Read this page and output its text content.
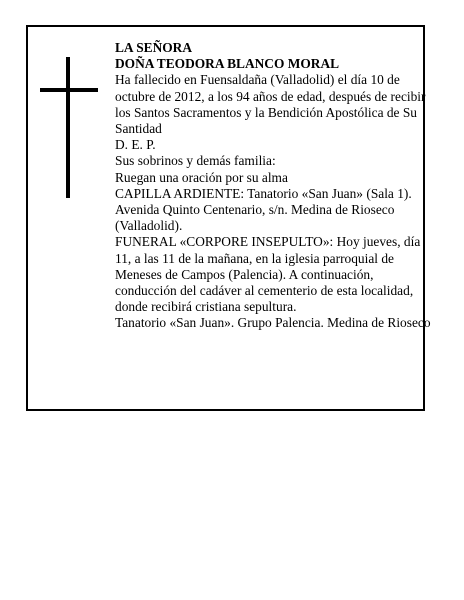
LA SEÑORA

DOÑA TEODORA BLANCO MORAL

Ha fallecido en Fuensaldaña (Valladolid) el día 10 de octubre de 2012, a los 94 años de edad, después de recibir los Santos Sacramentos y la Bendición Apostólica de Su Santidad

D. E. P.

Sus sobrinos y demás familia:

Ruegan una oración por su alma

CAPILLA ARDIENTE: Tanatorio «San Juan» (Sala 1). Avenida Quinto Centenario, s/n. Medina de Rioseco (Valladolid).

FUNERAL «CORPORE INSEPULTO»: Hoy jueves, día 11, a las 11 de la mañana, en la iglesia parroquial de Meneses de Campos (Palencia). A continuación, conducción del cadáver al cementerio de esta localidad, donde recibirá cristiana sepultura.

Tanatorio «San Juan». Grupo Palencia. Medina de Rioseco
